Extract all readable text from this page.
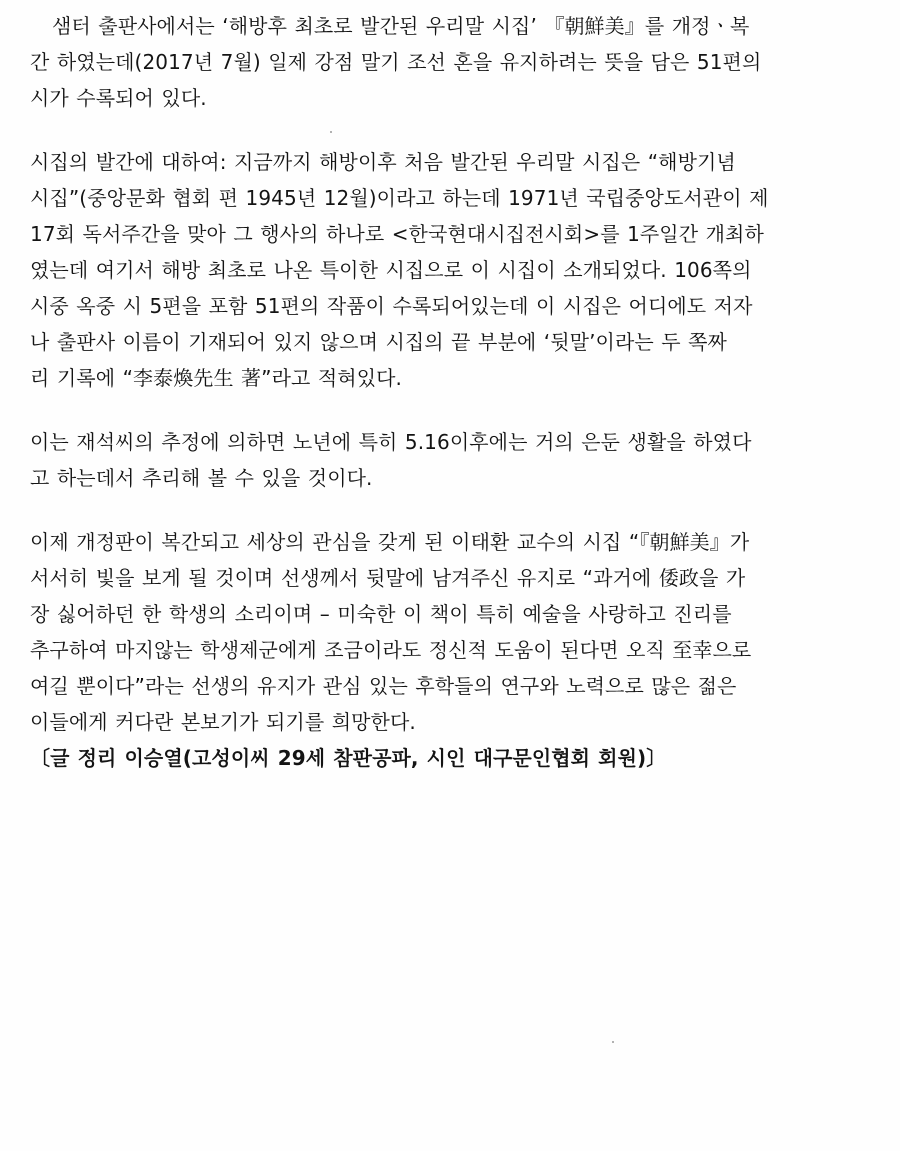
샘터 출판사에서는 ‘해방후 최초로 발간된 우리말 시집’ 『朝鮮美』를 개정ㆍ복
간 하였는데(2017년 7월) 일제 강점 말기 조선 혼을 유지하려는 뜻을 담은 51편의
시가 수록되어 있다.
시집의 발간에 대하여: 지금까지 해방이후 처음 발간된 우리말 시집은 “해방기념
시집”(중앙문화 협회 편 1945년 12월)이라고 하는데 1971년 국립중앙도서관이 제
17회 독서주간을 맞아 그 행사의 하나로 <한국현대시집전시회>를 1주일간 개최하
였는데 여기서 해방 최초로 나온 특이한 시집으로 이 시집이 소개되었다. 106쪽의
시중 옥중 시 5편을 포함 51편의 작품이 수록되어있는데 이 시집은 어디에도 저자
나 출판사 이름이 기재되어 있지 않으며 시집의 끝 부분에 ‘뒷말’이라는 두 쪽짜
리 기록에 “李泰煥先生 著”라고 적혀있다.
이는 재석씨의 추정에 의하면 노년에 특히 5.16이후에는 거의 은둔 생활을 하였다
고 하는데서 추리해 볼 수 있을 것이다.
이제 개정판이 복간되고 세상의 관심을 갖게 된 이태환 교수의 시집 “『朝鮮美』가
서서히 빛을 보게 될 것이며 선생께서 뒷말에 남겨주신 유지로 “과거에 倭政을 가
장 싫어하던 한 학생의 소리이며 – 미숙한 이 책이 특히 예술을 사랑하고 진리를
추구하여 마지않는 학생제군에게 조금이라도 정신적 도움이 된다면 오직 至幸으로
여길 뿐이다”라는 선생의 유지가 관심 있는 후학들의 연구와 노력으로 많은 젊은
이들에게 커다란 본보기가 되기를 희망한다.
〔글 정리 이승열(고성이씨 29세 참판공파, 시인 대구문인협회 회원)〕
